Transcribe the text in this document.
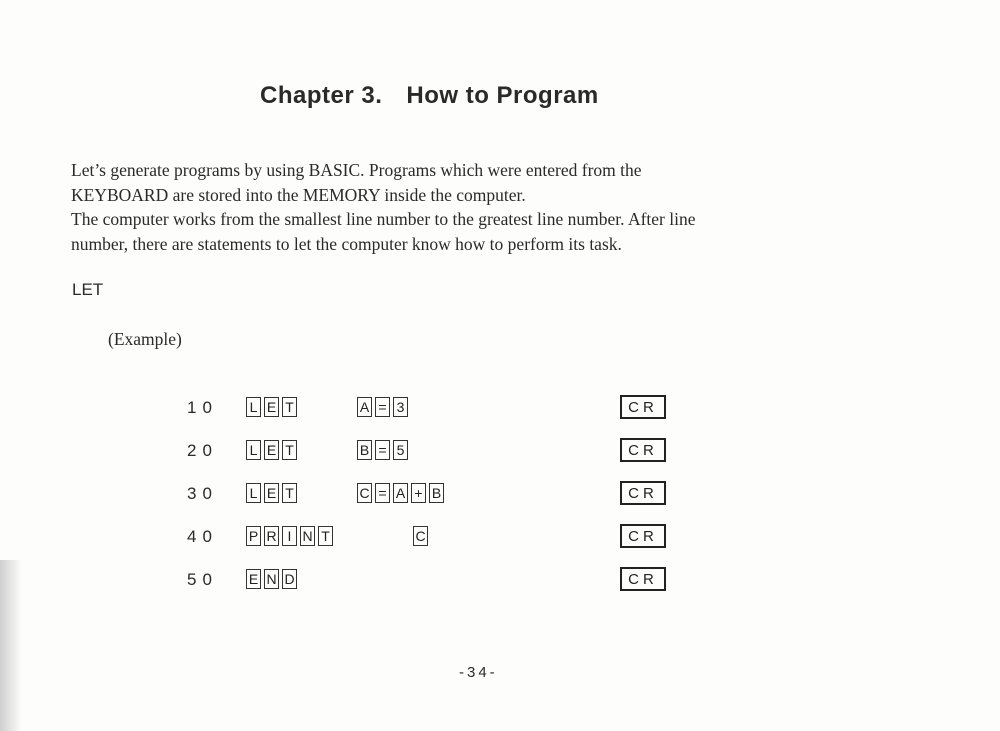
Chapter 3. How to Program
Let’s generate programs by using BASIC. Programs which were entered from the
KEYBOARD are stored into the MEMORY inside the computer.
The computer works from the smallest line number to the greatest line number. After line
number, there are statements to let the computer know how to perform its task.
LET
(Example)
10 L E T	A = 3	CR
20 L E T	B = 5	CR
30 L E T	C = A + B	CR
40 P R I N T	C	CR
50 E N D	CR
-34-
